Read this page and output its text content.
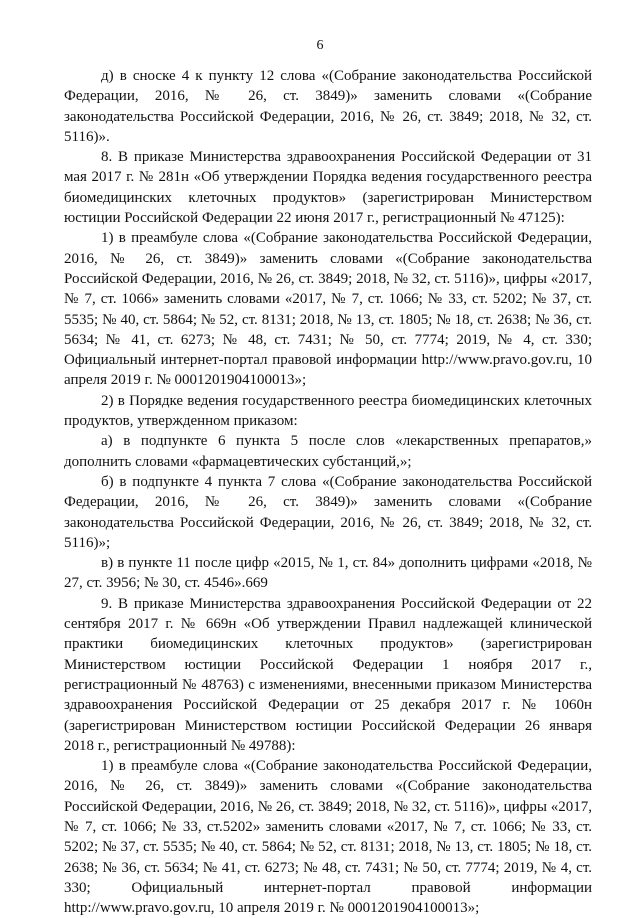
6

д) в сноске 4 к пункту 12 слова «(Собрание законодательства Российской Федерации, 2016, № 26, ст. 3849)» заменить словами «(Собрание законодательства Российской Федерации, 2016, № 26, ст. 3849; 2018, № 32, ст. 5116)».

8. В приказе Министерства здравоохранения Российской Федерации от 31 мая 2017 г. № 281н «Об утверждении Порядка ведения государственного реестра биомедицинских клеточных продуктов» (зарегистрирован Министерством юстиции Российской Федерации 22 июня 2017 г., регистрационный № 47125):

1) в преамбуле слова «(Собрание законодательства Российской Федерации, 2016, № 26, ст. 3849)» заменить словами «(Собрание законодательства Российской Федерации, 2016, № 26, ст. 3849; 2018, № 32, ст. 5116)», цифры «2017, № 7, ст. 1066» заменить словами «2017, № 7, ст. 1066; № 33, ст. 5202; № 37, ст. 5535; № 40, ст. 5864; № 52, ст. 8131; 2018, № 13, ст. 1805; № 18, ст. 2638; № 36, ст. 5634; № 41, ст. 6273; № 48, ст. 7431; № 50, ст. 7774; 2019, № 4, ст. 330; Официальный интернет-портал правовой информации http://www.pravo.gov.ru, 10 апреля 2019 г. № 0001201904100013»;

2) в Порядке ведения государственного реестра биомедицинских клеточных продуктов, утвержденном приказом:

а) в подпункте 6 пункта 5 после слов «лекарственных препаратов,» дополнить словами «фармацевтических субстанций,»;

б) в подпункте 4 пункта 7 слова «(Собрание законодательства Российской Федерации, 2016, № 26, ст. 3849)» заменить словами «(Собрание законодательства Российской Федерации, 2016, № 26, ст. 3849; 2018, № 32, ст. 5116)»;

в) в пункте 11 после цифр «2015, № 1, ст. 84» дополнить цифрами «2018, № 27, ст. 3956; № 30, ст. 4546».669

9. В приказе Министерства здравоохранения Российской Федерации от 22 сентября 2017 г. № 669н «Об утверждении Правил надлежащей клинической практики биомедицинских клеточных продуктов» (зарегистрирован Министерством юстиции Российской Федерации 1 ноября 2017 г., регистрационный № 48763) с изменениями, внесенными приказом Министерства здравоохранения Российской Федерации от 25 декабря 2017 г. № 1060н (зарегистрирован Министерством юстиции Российской Федерации 26 января 2018 г., регистрационный № 49788):

1) в преамбуле слова «(Собрание законодательства Российской Федерации, 2016, № 26, ст. 3849)» заменить словами «(Собрание законодательства Российской Федерации, 2016, № 26, ст. 3849; 2018, № 32, ст. 5116)», цифры «2017, № 7, ст. 1066; № 33, ст.5202» заменить словами «2017, № 7, ст. 1066; № 33, ст. 5202; № 37, ст. 5535; № 40, ст. 5864; № 52, ст. 8131; 2018, № 13, ст. 1805; № 18, ст. 2638; № 36, ст. 5634; № 41, ст. 6273; № 48, ст. 7431; № 50, ст. 7774; 2019, № 4, ст. 330; Официальный интернет-портал правовой информации http://www.pravo.gov.ru, 10 апреля 2019 г. № 0001201904100013»;
